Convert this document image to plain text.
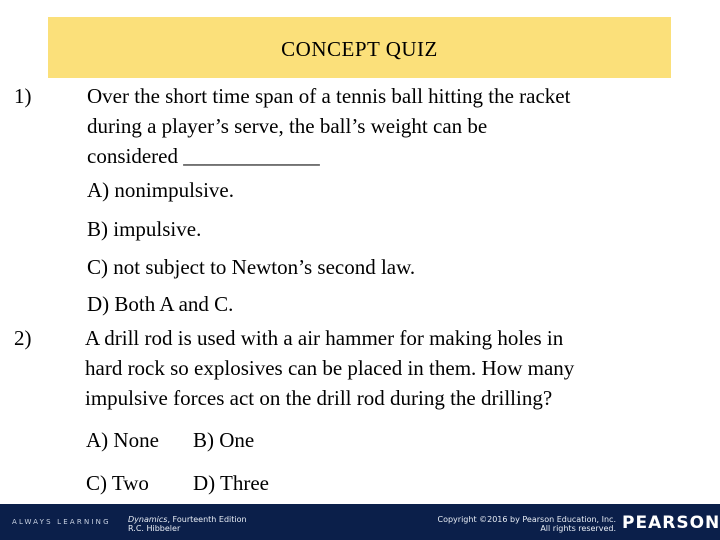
CONCEPT QUIZ
1)	Over the short time span of a tennis ball hitting the racket
during a player’s serve, the ball’s weight can be
considered _____________
A) nonimpulsive.
B) impulsive.
C) not subject to Newton’s second law.
D) Both A and C.
2)	A drill rod is used with a air hammer for making holes in
hard rock so explosives can be placed in them. How many
impulsive forces act on the drill rod during the drilling?
A) None B) One
C) Two D) Three
ALWAYS LEARNING Dynamics, Fourteenth Edition
R.C. Hibbeler
Copyright ©2016 by Pearson Education, Inc.
All rights reserved. PEARSON
